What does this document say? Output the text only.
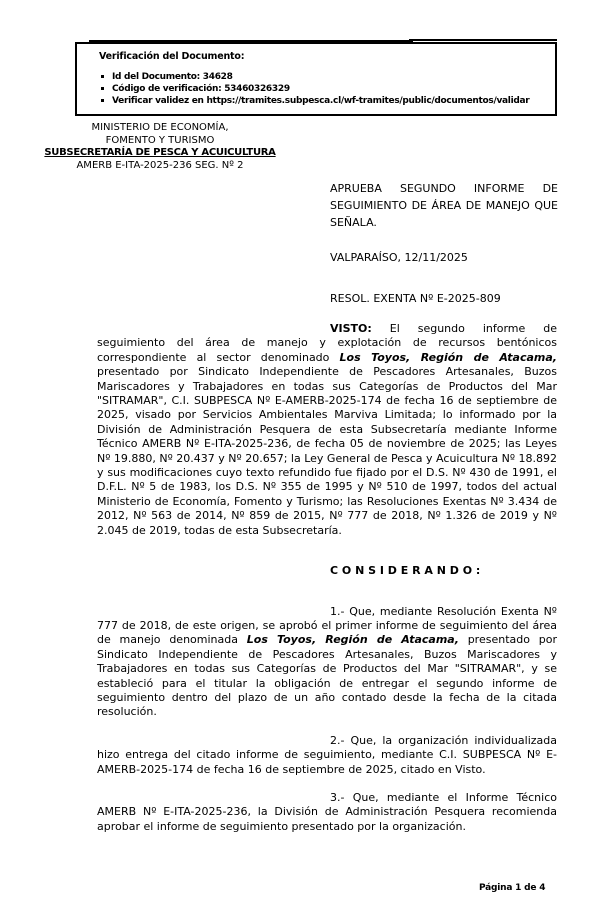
Verificación del Documento:
Id del Documento: 34628
Código de verificación: 53460326329
Verificar validez en https://tramites.subpesca.cl/wf-tramites/public/documentos/validar
MINISTERIO DE ECONOMÍA,
FOMENTO Y TURISMO
SUBSECRETARÍA DE PESCA Y ACUICULTURA
AMERB E-ITA-2025-236 SEG. Nº 2

APRUEBA SEGUNDO INFORME DE SEGUIMIENTO DE ÁREA DE MANEJO QUE SEÑALA.

VALPARAÍSO, 12/11/2025

RESOL. EXENTA Nº E-2025-809

VISTO: El segundo informe de seguimiento del área de manejo y explotación de recursos bentónicos correspondiente al sector denominado Los Toyos, Región de Atacama, presentado por Sindicato Independiente de Pescadores Artesanales, Buzos Mariscadores y Trabajadores en todas sus Categorías de Productos del Mar "SITRAMAR", C.I. SUBPESCA Nº E-AMERB-2025-174 de fecha 16 de septiembre de 2025, visado por Servicios Ambientales Marviva Limitada; lo informado por la División de Administración Pesquera de esta Subsecretaría mediante Informe Técnico AMERB Nº E-ITA-2025-236, de fecha 05 de noviembre de 2025; las Leyes Nº 19.880, Nº 20.437 y Nº 20.657; la Ley General de Pesca y Acuicultura Nº 18.892 y sus modificaciones cuyo texto refundido fue fijado por el D.S. Nº 430 de 1991, el D.F.L. Nº 5 de 1983, los D.S. Nº 355 de 1995 y Nº 510 de 1997, todos del actual Ministerio de Economía, Fomento y Turismo; las Resoluciones Exentas Nº 3.434 de 2012, Nº 563 de 2014, Nº 859 de 2015, Nº 777 de 2018, Nº 1.326 de 2019 y Nº 2.045 de 2019, todas de esta Subsecretaría.

C O N S I D E R A N D O :

1.- Que, mediante Resolución Exenta Nº 777 de 2018, de este origen, se aprobó el primer informe de seguimiento del área de manejo denominada Los Toyos, Región de Atacama, presentado por Sindicato Independiente de Pescadores Artesanales, Buzos Mariscadores y Trabajadores en todas sus Categorías de Productos del Mar "SITRAMAR", y se estableció para el titular la obligación de entregar el segundo informe de seguimiento dentro del plazo de un año contado desde la fecha de la citada resolución.

2.- Que, la organización individualizada hizo entrega del citado informe de seguimiento, mediante C.I. SUBPESCA Nº E-AMERB-2025-174 de fecha 16 de septiembre de 2025, citado en Visto.

3.- Que, mediante el Informe Técnico AMERB Nº E-ITA-2025-236, la División de Administración Pesquera recomienda aprobar el informe de seguimiento presentado por la organización.

Página 1 de 4
